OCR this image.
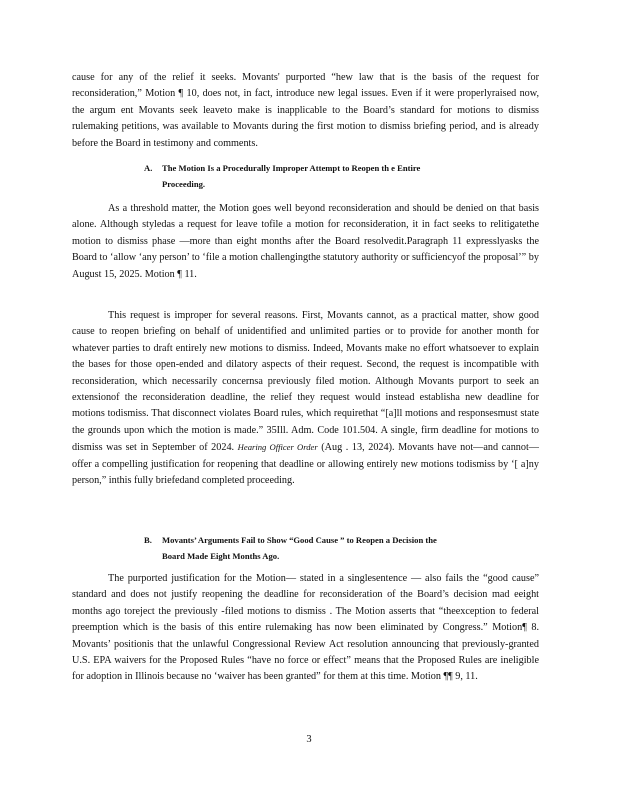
cause for any of the relief it seeks. Movants' purported “hew law that is the basis of the request for reconsideration,” Motion ¶ 10, does not, in fact, introduce new legal issues. Even if it were properlyraised now, the argum ent Movants seek leaveto make is inapplicable to the Board’s standard for motions to dismiss rulemaking petitions, was available to Movants during the first motion to dismiss briefing period, and is already before the Board in testimony and comments.

A. The Motion Is a Procedurally Improper Attempt to Reopen th e Entire
Proceeding.

As a threshold matter, the Motion goes well beyond reconsideration and should be denied on that basis alone. Although styledas a request for leave tofile a motion for reconsideration, it in fact seeks to relitigatethe motion to dismiss phase —more than eight months after the Board resolvedit.Paragraph 11 expresslyasks the Board to ‘allow ‘any person’ to ‘file a motion challengingthe statutory authority or sufficiencyof the proposal’” by August 15, 2025. Motion ¶ 11.

This request is improper for several reasons. First, Movants cannot, as a practical matter, show good cause to reopen briefing on behalf of unidentified and unlimited parties or to provide for another month for whatever parties to draft entirely new motions to dismiss. Indeed, Movants make no effort whatsoever to explain the bases for those open-ended and dilatory aspects of their request. Second, the request is incompatible with reconsideration, which necessarily concernsa previously filed motion. Although Movants purport to seek an extensionof the reconsideration deadline, the relief they request would instead establisha new deadline for motions todismiss. That disconnect violates Board rules, which requirethat “[a]ll motions and responsesmust state the grounds upon which the motion is made.” 35Ill. Adm. Code 101.504. A single, firm deadline for motions to dismiss was set in September of 2024. Hearing Officer Order (Aug . 13, 2024). Movants have not—and cannot—offer a compelling justification for reopening that deadline or allowing entirely new motions todismiss by ‘[ a]ny person,” inthis fully briefedand completed proceeding.

B. Movants’ Arguments Fail to Show “Good Cause ” to Reopen a Decision the
Board Made Eight Months Ago.

The purported justification for the Motion— stated in a singlesentence — also fails the “good cause” standard and does not justify reopening the deadline for reconsideration of the Board’s decision mad eeight months ago toreject the previously -filed motions to dismiss . The Motion asserts that “theexception to federal preemption which is the basis of this entire rulemaking has now been eliminated by Congress.” Motion¶ 8. Movants’ positionis that the unlawful Congressional Review Act resolution announcing that previously-granted U.S. EPA waivers for the Proposed Rules “have no force or effect” means that the Proposed Rules are ineligible for adoption in Illinois because no ‘waiver has been granted” for them at this time. Motion ¶¶ 9, 11.

3
